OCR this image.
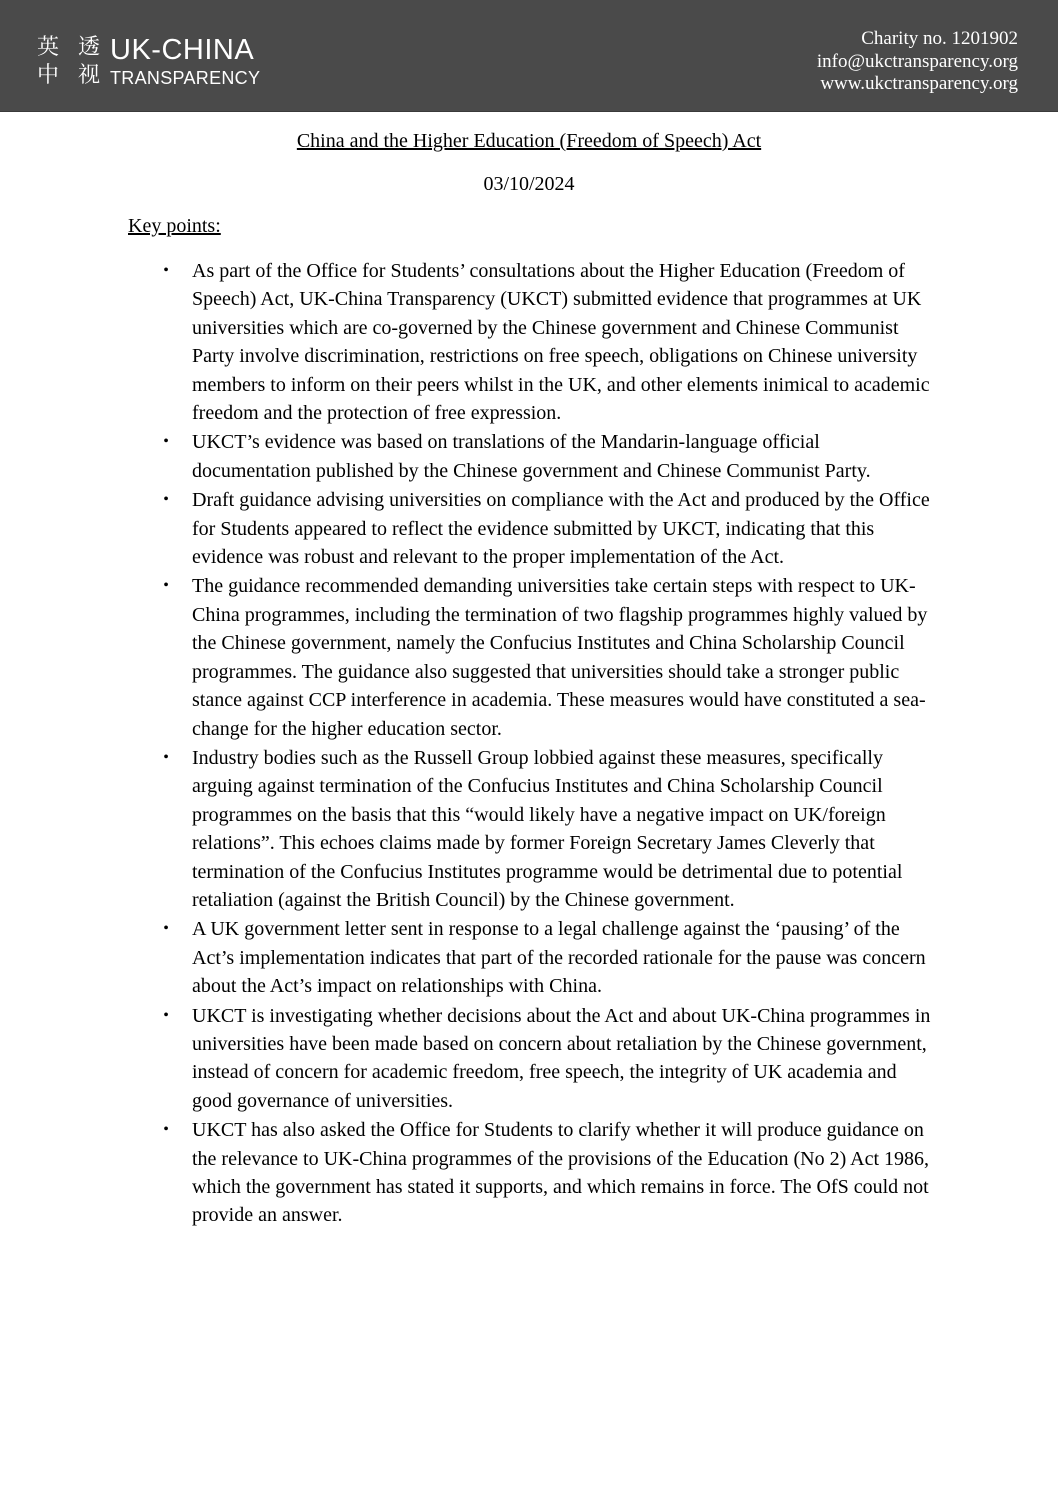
英 透
中 视
UK-CHINA
TRANSPARENCY
Charity no. 1201902
info@ukctransparency.org
www.ukctransparency.org
China and the Higher Education (Freedom of Speech) Act
03/10/2024
Key points:
• As part of the Office for Students’ consultations about the Higher Education (Freedom of Speech) Act, UK-China Transparency (UKCT) submitted evidence that programmes at UK universities which are co-governed by the Chinese government and Chinese Communist Party involve discrimination, restrictions on free speech, obligations on Chinese university members to inform on their peers whilst in the UK, and other elements inimical to academic freedom and the protection of free expression.
• UKCT’s evidence was based on translations of the Mandarin-language official documentation published by the Chinese government and Chinese Communist Party.
• Draft guidance advising universities on compliance with the Act and produced by the Office for Students appeared to reflect the evidence submitted by UKCT, indicating that this evidence was robust and relevant to the proper implementation of the Act.
• The guidance recommended demanding universities take certain steps with respect to UK-China programmes, including the termination of two flagship programmes highly valued by the Chinese government, namely the Confucius Institutes and China Scholarship Council programmes. The guidance also suggested that universities should take a stronger public stance against CCP interference in academia. These measures would have constituted a sea-change for the higher education sector.
• Industry bodies such as the Russell Group lobbied against these measures, specifically arguing against termination of the Confucius Institutes and China Scholarship Council programmes on the basis that this “would likely have a negative impact on UK/foreign relations”. This echoes claims made by former Foreign Secretary James Cleverly that termination of the Confucius Institutes programme would be detrimental due to potential retaliation (against the British Council) by the Chinese government.
• A UK government letter sent in response to a legal challenge against the ‘pausing’ of the Act’s implementation indicates that part of the recorded rationale for the pause was concern about the Act’s impact on relationships with China.
• UKCT is investigating whether decisions about the Act and about UK-China programmes in universities have been made based on concern about retaliation by the Chinese government, instead of concern for academic freedom, free speech, the integrity of UK academia and good governance of universities.
• UKCT has also asked the Office for Students to clarify whether it will produce guidance on the relevance to UK-China programmes of the provisions of the Education (No 2) Act 1986, which the government has stated it supports, and which remains in force. The OfS could not provide an answer.
